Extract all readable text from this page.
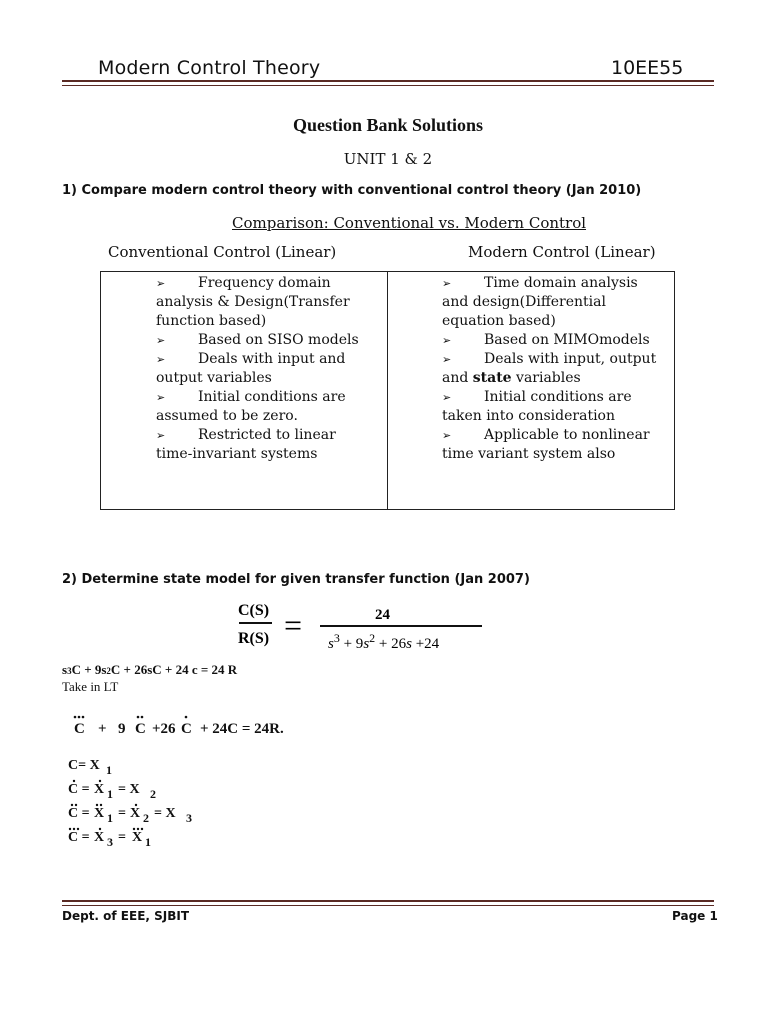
Modern Control Theory	10EE55
Question Bank Solutions
UNIT 1 & 2
1) Compare modern control theory with conventional control theory (Jan 2010)
Comparison: Conventional vs. Modern Control
Conventional Control (Linear)	Modern Control (Linear)
➢ Frequency domain analysis & Design(Transfer function based)
➢ Based on SISO models
➢ Deals with input and output variables
➢ Initial conditions are assumed to be zero.
➢ Restricted to linear time-invariant systems

➢ Time domain analysis and design(Differential equation based)
➢ Based on MIMOmodels
➢ Deals with input, output and state variables
➢ Initial conditions are taken into consideration
➢ Applicable to nonlinear time variant system also
2) Determine state model for given transfer function (Jan 2007)
C(S)
R(S) =	24
$s^3 + 9s^2 + 26s +24$
s3C + 9s2C + 26sC + 24 c = 24 R
Take in LT
C + 9 C +26 C + 24C = 24R.
C= X 1
C = X 1 = X 2
C = X 1 = X 2 = X 3
C = X 3 = X 1
Dept. of EEE, SJBIT	Page 1
